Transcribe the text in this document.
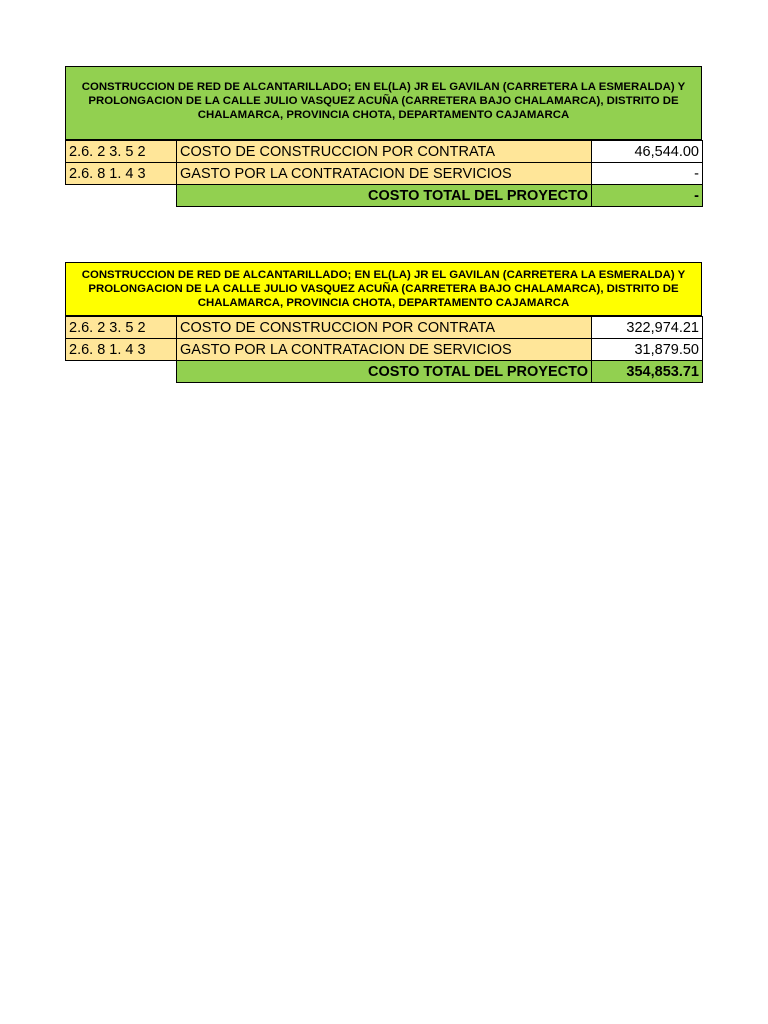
CONSTRUCCION DE RED DE ALCANTARILLADO; EN EL(LA) JR EL GAVILAN (CARRETERA LA ESMERALDA) Y PROLONGACION DE LA CALLE JULIO VASQUEZ ACUÑA (CARRETERA BAJO CHALAMARCA), DISTRITO DE CHALAMARCA, PROVINCIA CHOTA, DEPARTAMENTO CAJAMARCA
2.6. 2 3. 5 2	COSTO DE CONSTRUCCION POR CONTRATA	46,544.00
2.6. 8 1. 4 3	GASTO POR LA CONTRATACION DE SERVICIOS	-
	COSTO TOTAL DEL PROYECTO	-
CONSTRUCCION DE RED DE ALCANTARILLADO; EN EL(LA) JR EL GAVILAN (CARRETERA LA ESMERALDA) Y PROLONGACION DE LA CALLE JULIO VASQUEZ ACUÑA (CARRETERA BAJO CHALAMARCA), DISTRITO DE CHALAMARCA, PROVINCIA CHOTA, DEPARTAMENTO CAJAMARCA
2.6. 2 3. 5 2	COSTO DE CONSTRUCCION POR CONTRATA	322,974.21
2.6. 8 1. 4 3	GASTO POR LA CONTRATACION DE SERVICIOS	31,879.50
	COSTO TOTAL DEL PROYECTO	354,853.71
